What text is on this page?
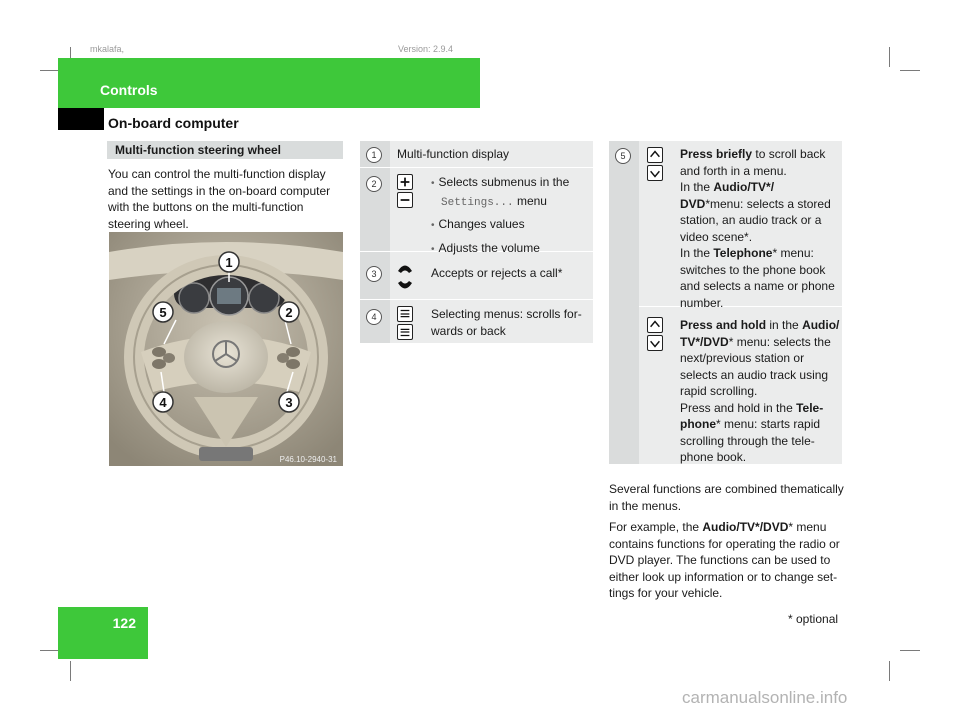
mkalafa,	Version: 2.9.4
Controls
On-board computer
122
Multi-function steering wheel
You can control the multi-function display and the settings in the on-board computer with the buttons on the multi-function steering wheel.
1
2
3
4
5
P46.10-2940-31
1	Multi-function display
2	• Selects submenus in the
Settings... menu
• Changes values
• Adjusts the volume
3	Accepts or rejects a call*
4	Selecting menus: scrolls for-wards or back
5	Press briefly to scroll back
and forth in a menu.
In the Audio/TV*/
DVD*menu: selects a stored
station, an audio track or a
video scene*.
In the Telephone* menu:
switches to the phone book
and selects a name or phone
number.
Press and hold in the Audio/
TV*/DVD* menu: selects the
next/previous station or
selects an audio track using
rapid scrolling.
Press and hold in the Tele-
phone* menu: starts rapid
scrolling through the tele-
phone book.
Several functions are combined thematically
in the menus.
For example, the Audio/TV*/DVD* menu
contains functions for operating the radio or
DVD player. The functions can be used to
either look up information or to change set-
tings for your vehicle.
* optional
carmanualsonline.info
